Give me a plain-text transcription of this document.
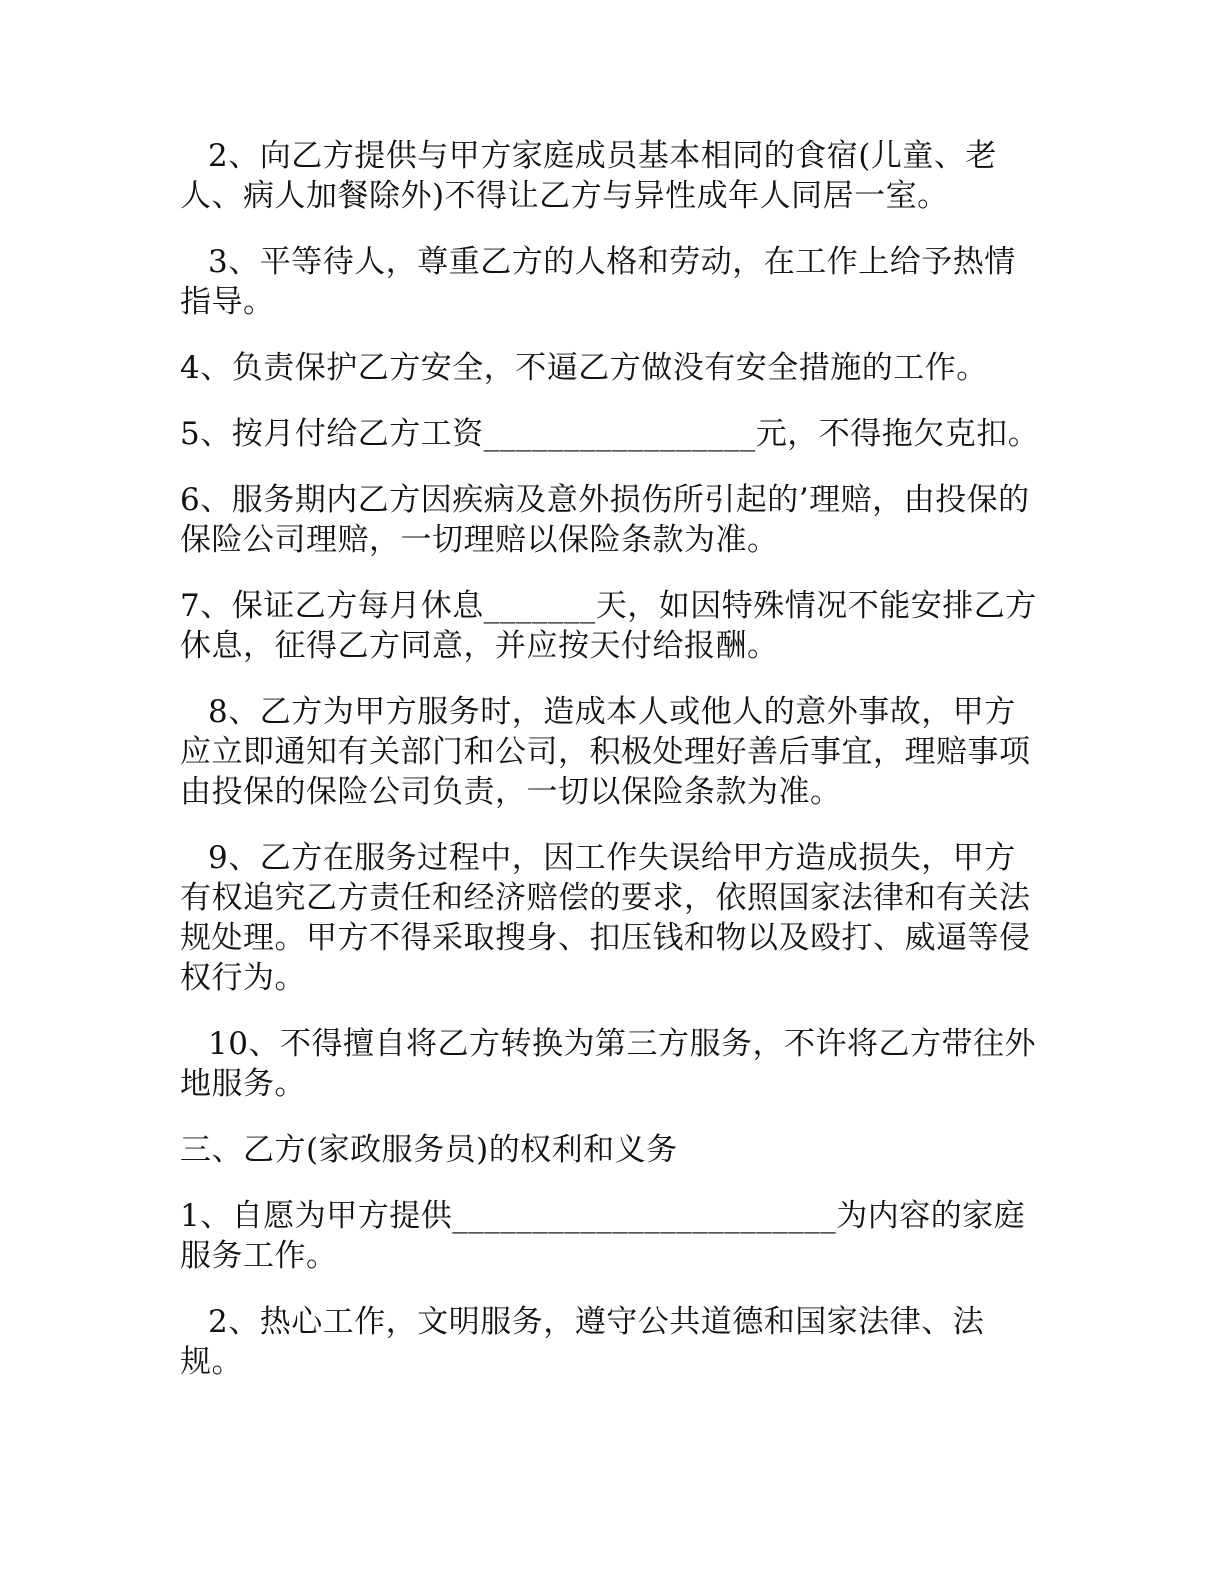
2、向乙方提供与甲方家庭成员基本相同的食宿(儿童、老人、病人加餐除外)不得让乙方与异性成年人同居一室。

3、平等待人，尊重乙方的人格和劳动，在工作上给予热情指导。

4、负责保护乙方安全，不逼乙方做没有安全措施的工作。

5、按月付给乙方工资_________________元，不得拖欠克扣。

6、服务期内乙方因疾病及意外损伤所引起的’理赔，由投保的保险公司理赔，一切理赔以保险条款为准。

7、保证乙方每月休息_______天，如因特殊情况不能安排乙方休息，征得乙方同意，并应按天付给报酬。

8、乙方为甲方服务时，造成本人或他人的意外事故，甲方应立即通知有关部门和公司，积极处理好善后事宜，理赔事项由投保的保险公司负责，一切以保险条款为准。

9、乙方在服务过程中，因工作失误给甲方造成损失，甲方有权追究乙方责任和经济赔偿的要求，依照国家法律和有关法规处理。甲方不得采取搜身、扣压钱和物以及殴打、威逼等侵权行为。

10、不得擅自将乙方转换为第三方服务，不许将乙方带往外地服务。

三、乙方(家政服务员)的权利和义务

1、自愿为甲方提供________________________为内容的家庭服务工作。

2、热心工作，文明服务，遵守公共道德和国家法律、法规。
